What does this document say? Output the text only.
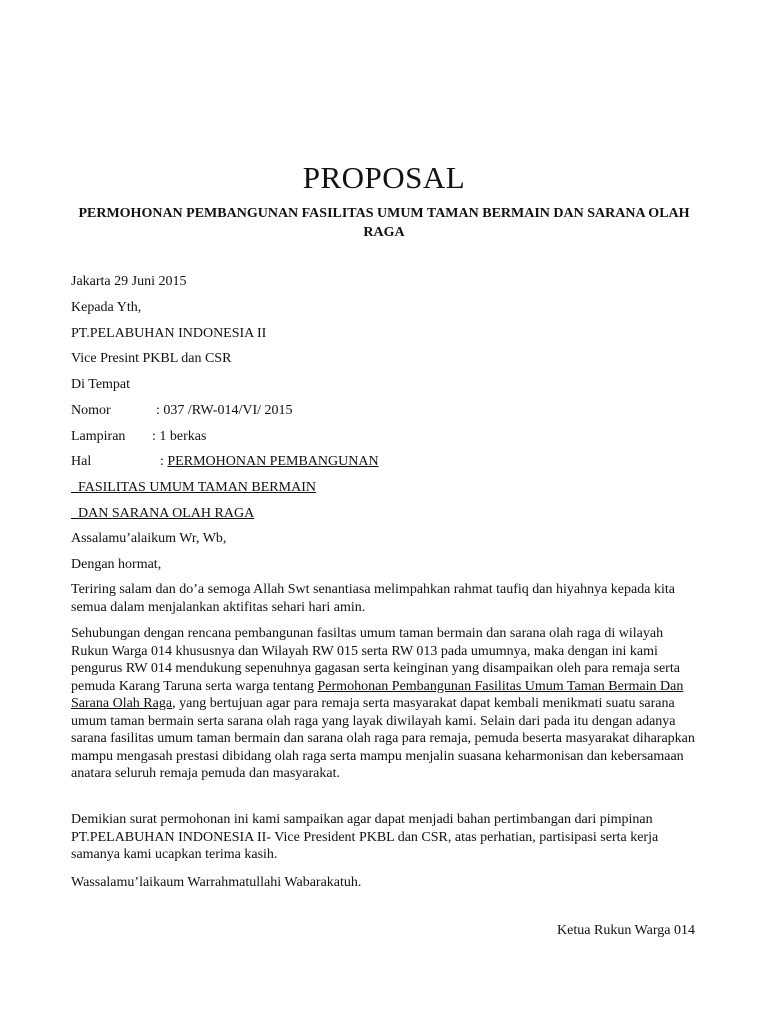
PROPOSAL
PERMOHONAN PEMBANGUNAN FASILITAS UMUM TAMAN BERMAIN DAN SARANA OLAH RAGA
Jakarta 29 Juni 2015
Kepada Yth,
PT.PELABUHAN INDONESIA II
Vice Presint PKBL dan CSR
Di Tempat
Nomor	: 037 /RW-014/VI/ 2015
Lampiran : 1 berkas
Hal	: PERMOHONAN PEMBANGUNAN
FASILITAS UMUM TAMAN BERMAIN
DAN SARANA OLAH RAGA
Assalamu’alaikum Wr, Wb,
Dengan hormat,
Teriring salam dan do’a semoga Allah Swt senantiasa melimpahkan rahmat taufiq dan hiyahnya kepada kita semua dalam menjalankan aktifitas sehari hari amin.
Sehubungan dengan rencana pembangunan fasiltas umum taman bermain dan sarana olah raga di wilayah Rukun Warga 014 khususnya dan Wilayah RW 015 serta RW 013 pada umumnya, maka dengan ini kami pengurus RW 014 mendukung sepenuhnya gagasan serta keinginan yang disampaikan oleh para remaja serta pemuda Karang Taruna serta warga tentang Permohonan Pembangunan Fasilitas Umum Taman Bermain Dan Sarana Olah Raga, yang bertujuan agar para remaja serta masyarakat dapat kembali menikmati suatu sarana umum taman bermain serta sarana olah raga yang layak diwilayah kami. Selain dari pada itu dengan adanya sarana fasilitas umum taman bermain dan sarana olah raga para remaja, pemuda beserta masyarakat diharapkan mampu mengasah prestasi dibidang olah raga serta mampu menjalin suasana keharmonisan dan kebersamaan anatara seluruh remaja pemuda dan masyarakat.
Demikian surat permohonan ini kami sampaikan agar dapat menjadi bahan pertimbangan dari pimpinan PT.PELABUHAN INDONESIA II- Vice President PKBL dan CSR, atas perhatian, partisipasi serta kerja samanya kami ucapkan terima kasih.
Wassalamu’laikaum Warrahmatullahi Wabarakatuh.
Ketua Rukun Warga 014
